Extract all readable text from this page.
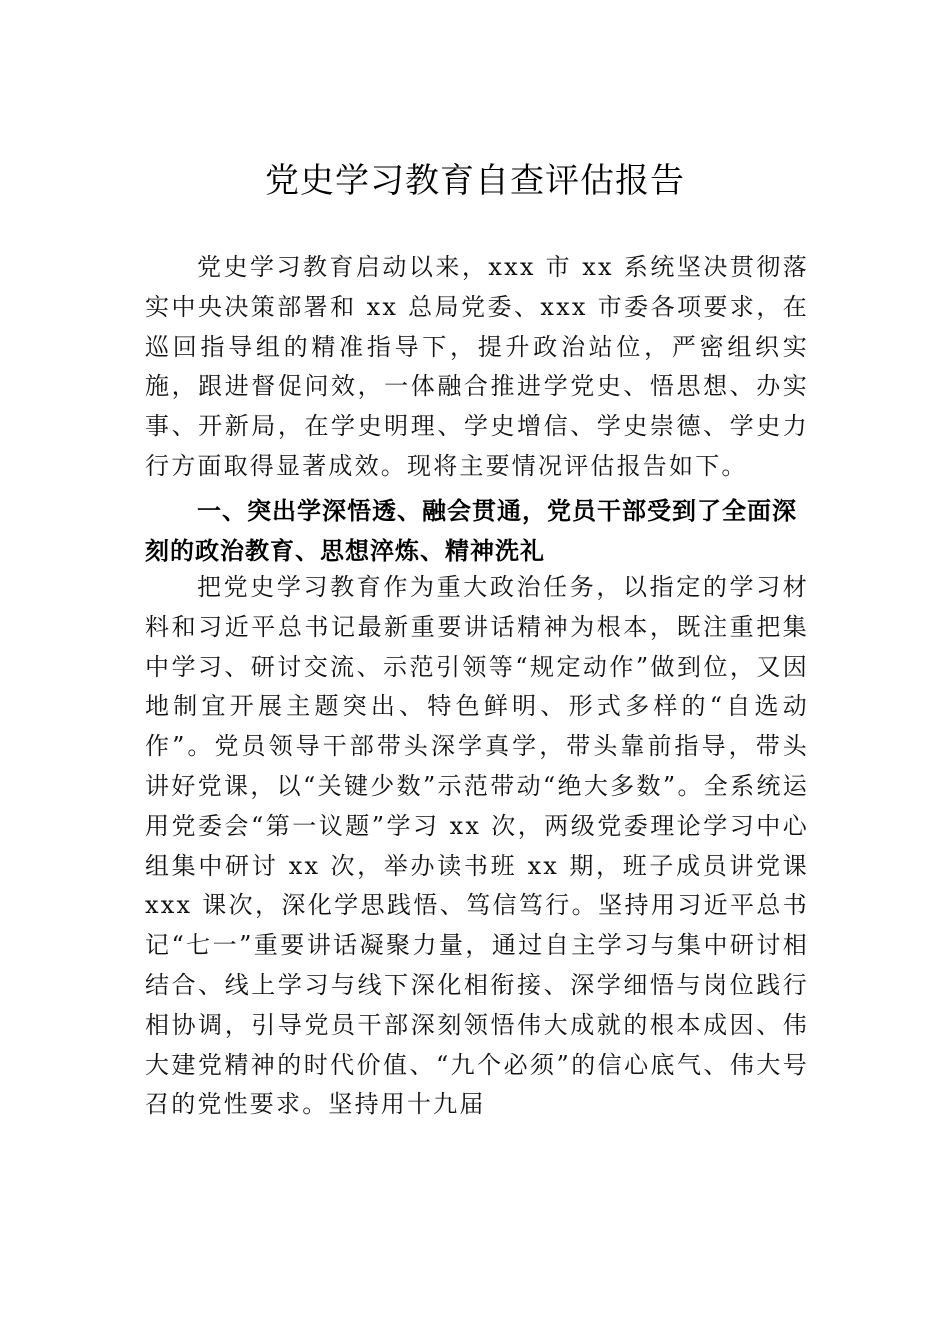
党史学习教育自查评估报告

党史学习教育启动以来，xxx 市 xx 系统坚决贯彻落实中央决策部署和 xx 总局党委、xxx 市委各项要求，在巡回指导组的精准指导下，提升政治站位，严密组织实施，跟进督促问效，一体融合推进学党史、悟思想、办实事、开新局，在学史明理、学史增信、学史崇德、学史力行方面取得显著成效。现将主要情况评估报告如下。

一、突出学深悟透、融会贯通，党员干部受到了全面深刻的政治教育、思想淬炼、精神洗礼

把党史学习教育作为重大政治任务，以指定的学习材料和习近平总书记最新重要讲话精神为根本，既注重把集中学习、研讨交流、示范引领等“规定动作”做到位，又因地制宜开展主题突出、特色鲜明、形式多样的“自选动作”。党员领导干部带头深学真学，带头靠前指导，带头讲好党课，以“关键少数”示范带动“绝大多数”。全系统运用党委会“第一议题”学习 xx 次，两级党委理论学习中心组集中研讨 xx 次，举办读书班 xx 期，班子成员讲党课 xxx 课次，深化学思践悟、笃信笃行。坚持用习近平总书记“七一”重要讲话凝聚力量，通过自主学习与集中研讨相结合、线上学习与线下深化相衔接、深学细悟与岗位践行相协调，引导党员干部深刻领悟伟大成就的根本成因、伟大建党精神的时代价值、“九个必须”的信心底气、伟大号召的党性要求。坚持用十九届
